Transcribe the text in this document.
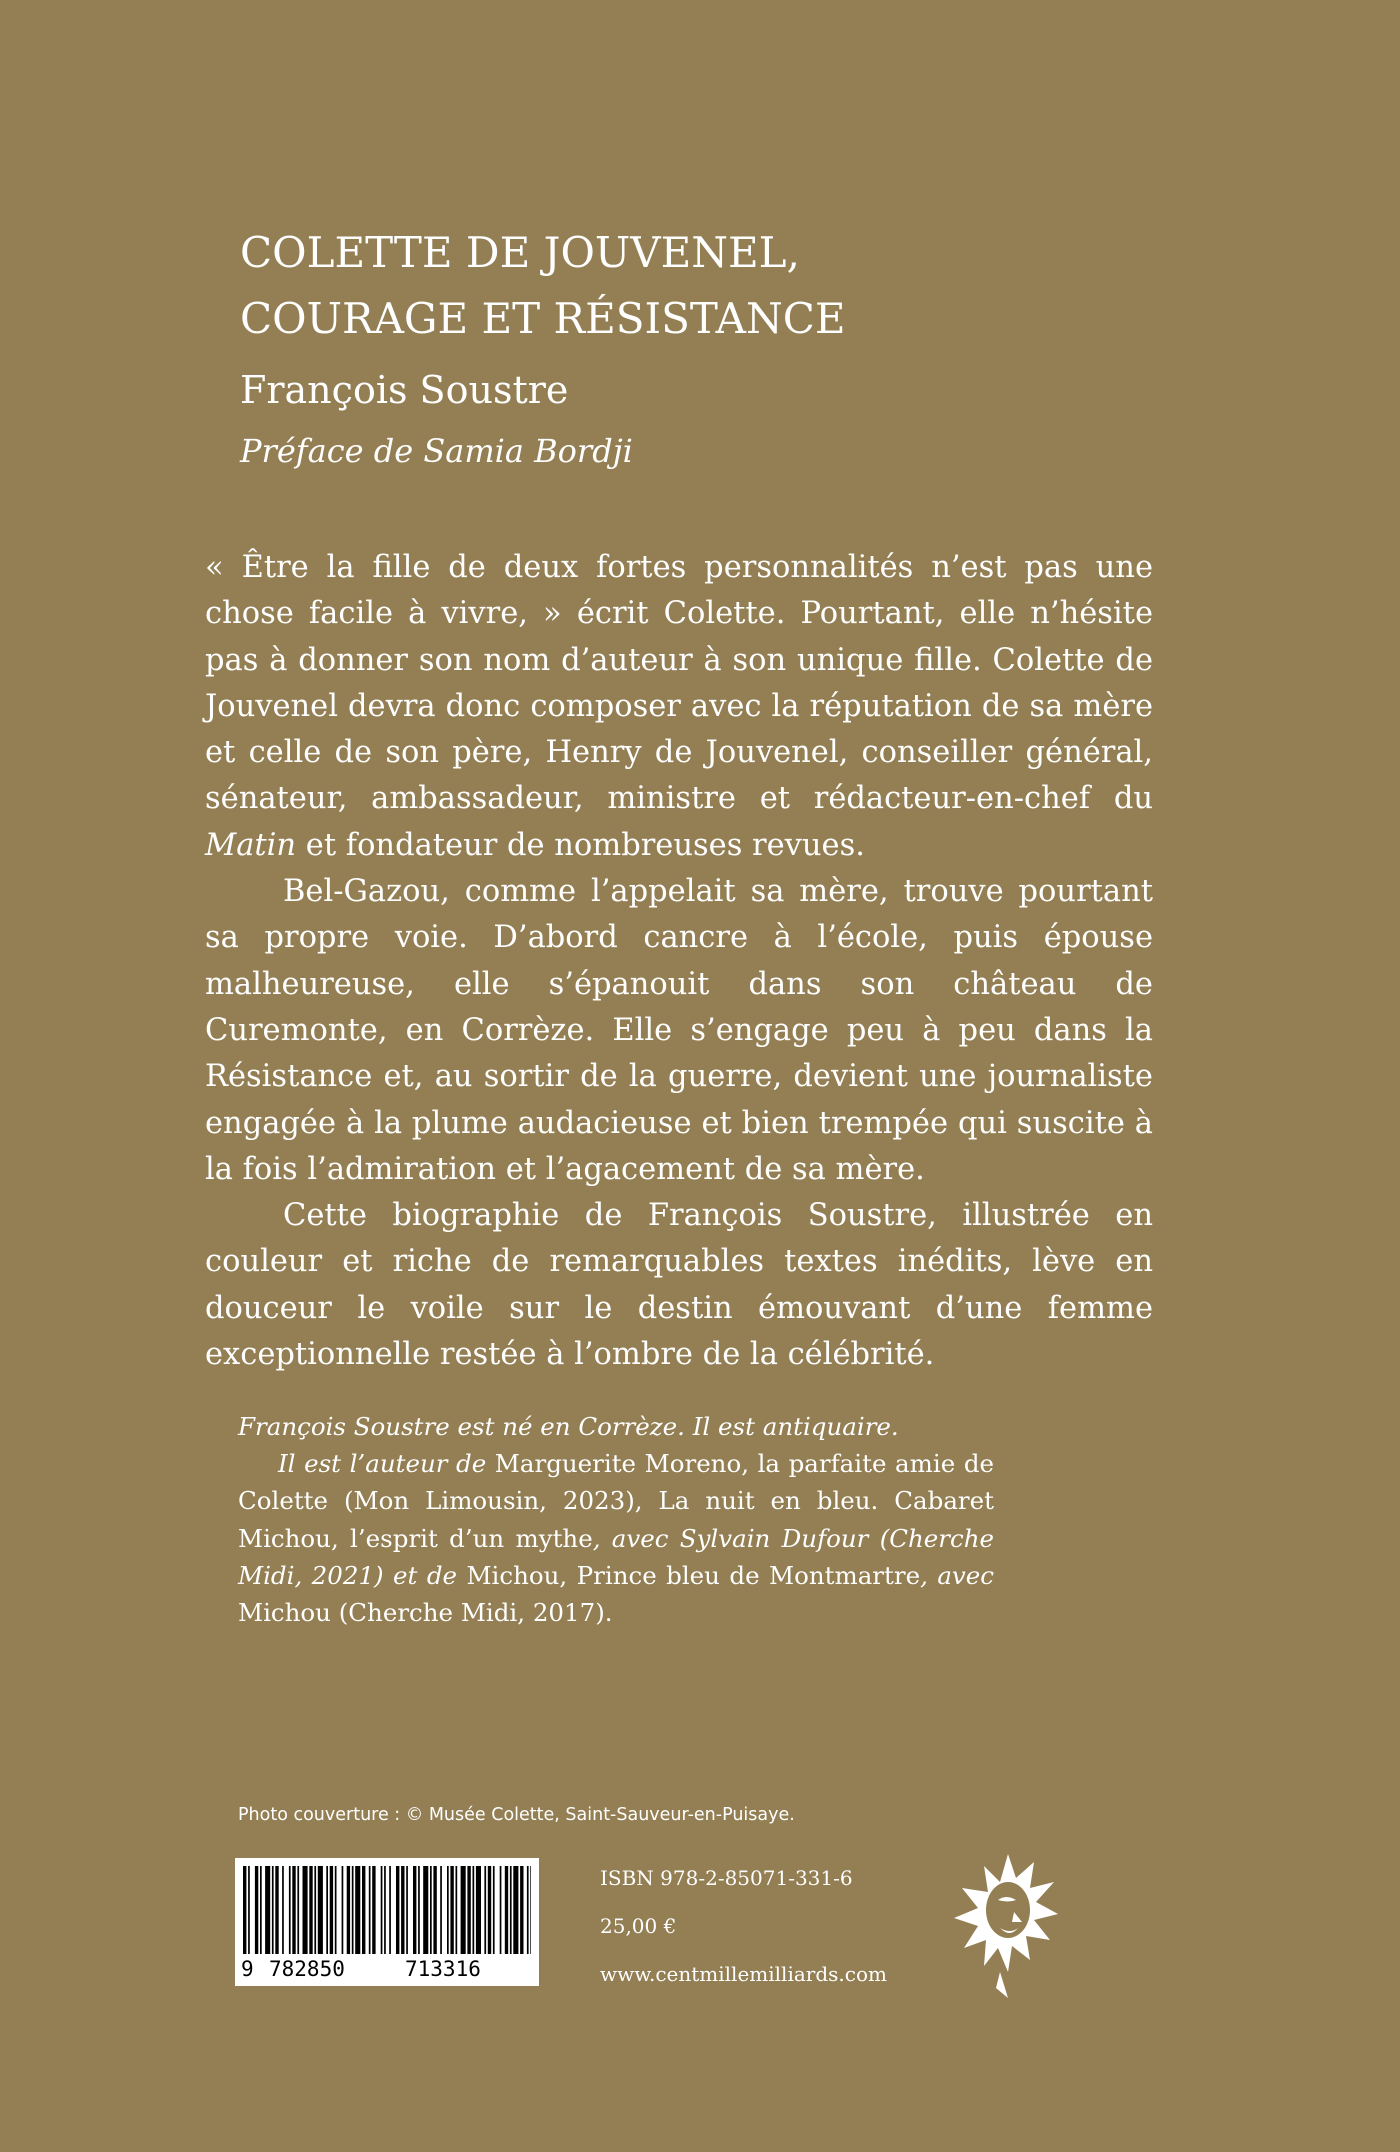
COLETTE DE JOUVENEL,
COURAGE ET RÉSISTANCE
François Soustre
Préface de Samia Bordji

« Être la fille de deux fortes personnalités n’est pas une chose facile à vivre, » écrit Colette. Pourtant, elle n’hésite pas à donner son nom d’auteur à son unique fille. Colette de Jouvenel devra donc composer avec la réputation de sa mère et celle de son père, Henry de Jouvenel, conseiller général, sénateur, ambassadeur, ministre et rédacteur-en-chef du Matin et fondateur de nombreuses revues.

Bel-Gazou, comme l’appelait sa mère, trouve pourtant sa propre voie. D’abord cancre à l’école, puis épouse malheureuse, elle s’épanouit dans son château de Curemonte, en Corrèze. Elle s’engage peu à peu dans la Résistance et, au sortir de la guerre, devient une journaliste engagée à la plume audacieuse et bien trempée qui suscite à la fois l’admiration et l’agacement de sa mère.

Cette biographie de François Soustre, illustrée en couleur et riche de remarquables textes inédits, lève en douceur le voile sur le destin émouvant d’une femme exceptionnelle restée à l’ombre de la célébrité.

François Soustre est né en Corrèze. Il est antiquaire.

Il est l’auteur de Marguerite Moreno, la parfaite amie de Colette (Mon Limousin, 2023), La nuit en bleu. Cabaret Michou, l’esprit d’un mythe, avec Sylvain Dufour (Cherche Midi, 2021) et de Michou, Prince bleu de Montmartre, avec Michou (Cherche Midi, 2017).

Photo couverture : © Musée Colette, Saint-Sauveur-en-Puisaye.
9 782850	713316
ISBN 978-2-85071-331-6
25,00 €
www.centmillemilliards.com
